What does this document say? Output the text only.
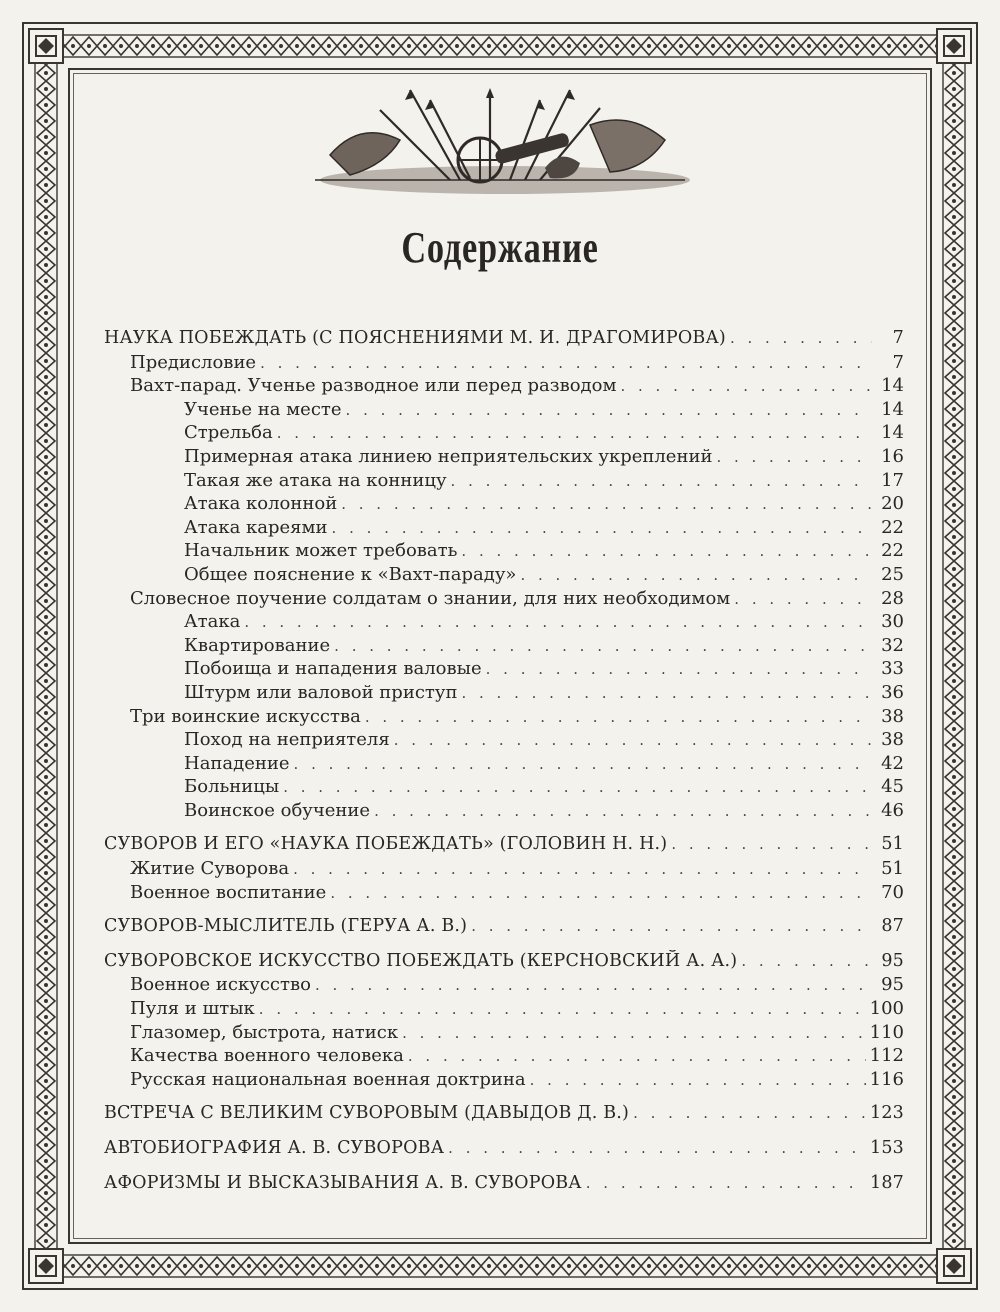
Содержание
НАУКА ПОБЕЖДАТЬ (С ПОЯСНЕНИЯМИ М. И. ДРАГОМИРОВА) . . .	7
Предисловие . . .	7
Вахт-парад. Ученье разводное или перед разводом . . .	14
Ученье на месте . . .	14
Стрельба . . .	14
Примерная атака линиею неприятельских укреплений . . .	16
Такая же атака на конницу . . .	17
Атака колонной . . .	20
Атака кареями . . .	22
Начальник может требовать . . .	22
Общее пояснение к «Вахт-параду» . . .	25
Словесное поучение солдатам о знании, для них необходимом . . .	28
Атака . . .	30
Квартирование . . .	32
Побоища и нападения валовые . . .	33
Штурм или валовой приступ . . .	36
Три воинские искусства . . .	38
Поход на неприятеля . . .	38
Нападение . . .	42
Больницы . . .	45
Воинское обучение . . .	46
СУВОРОВ И ЕГО «НАУКА ПОБЕЖДАТЬ» (ГОЛОВИН Н. Н.) . . .	51
Житие Суворова . . .	51
Военное воспитание . . .	70
СУВОРОВ-МЫСЛИТЕЛЬ (ГЕРУА А. В.) . . .	87
СУВОРОВСКОЕ ИСКУССТВО ПОБЕЖДАТЬ (КЕРСНОВСКИЙ А. А.) . . .	95
Военное искусство . . .	95
Пуля и штык . . .	100
Глазомер, быстрота, натиск . . .	110
Качества военного человека . . .	112
Русская национальная военная доктрина . . .	116
ВСТРЕЧА С ВЕЛИКИМ СУВОРОВЫМ (ДАВЫДОВ Д. В.) . . .	123
АВТОБИОГРАФИЯ А. В. СУВОРОВА . . .	153
АФОРИЗМЫ И ВЫСКАЗЫВАНИЯ А. В. СУВОРОВА . . .	187
